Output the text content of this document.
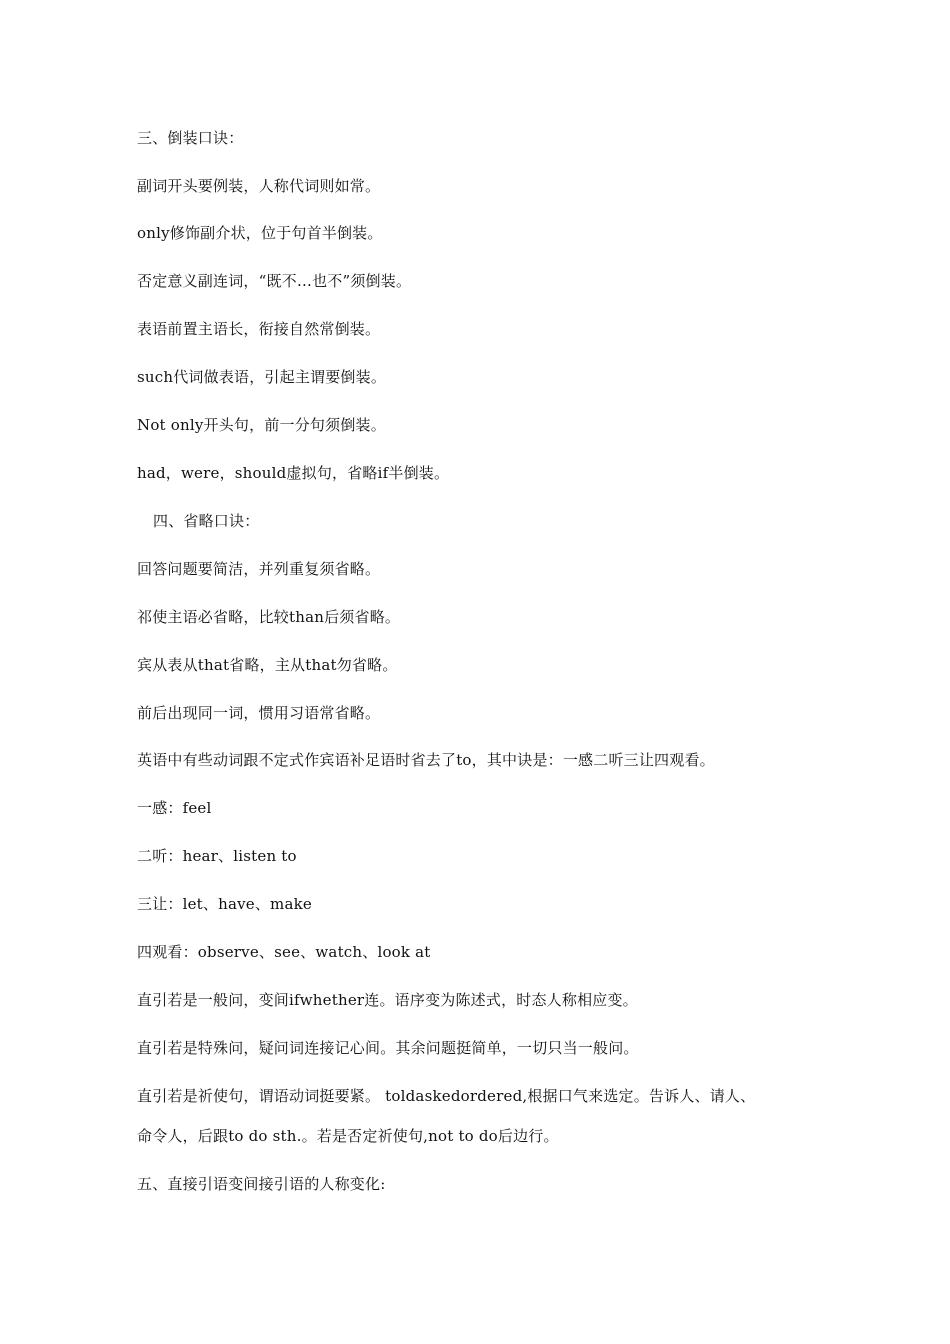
三、倒装口诀：
副词开头要例装，人称代词则如常。
only修饰副介状，位于句首半倒装。
否定意义副连词，“既不…也不”须倒装。
表语前置主语长，衔接自然常倒装。
such代词做表语，引起主谓要倒装。
Not only开头句，前一分句须倒装。
had，were，should虚拟句，省略if半倒装。
四、省略口诀：
回答问题要简洁，并列重复须省略。
祁使主语必省略，比较than后须省略。
宾从表从that省略，主从that勿省略。
前后出现同一词，惯用习语常省略。
英语中有些动词跟不定式作宾语补足语时省去了to，其中诀是：一感二听三让四观看。
一感：feel
二听：hear、listen to
三让：let、have、make
四观看：observe、see、watch、look at
直引若是一般问，变间ifwhether连。语序变为陈述式，时态人称相应变。
直引若是特殊问，疑问词连接记心间。其余问题挺简单，一切只当一般问。
直引若是祈使句，谓语动词挺要紧。 toldaskedordered,根据口气来选定。告诉人、请人、
命令人，后跟to do sth.。若是否定祈使句,not to do后边行。
五、直接引语变间接引语的人称变化:
